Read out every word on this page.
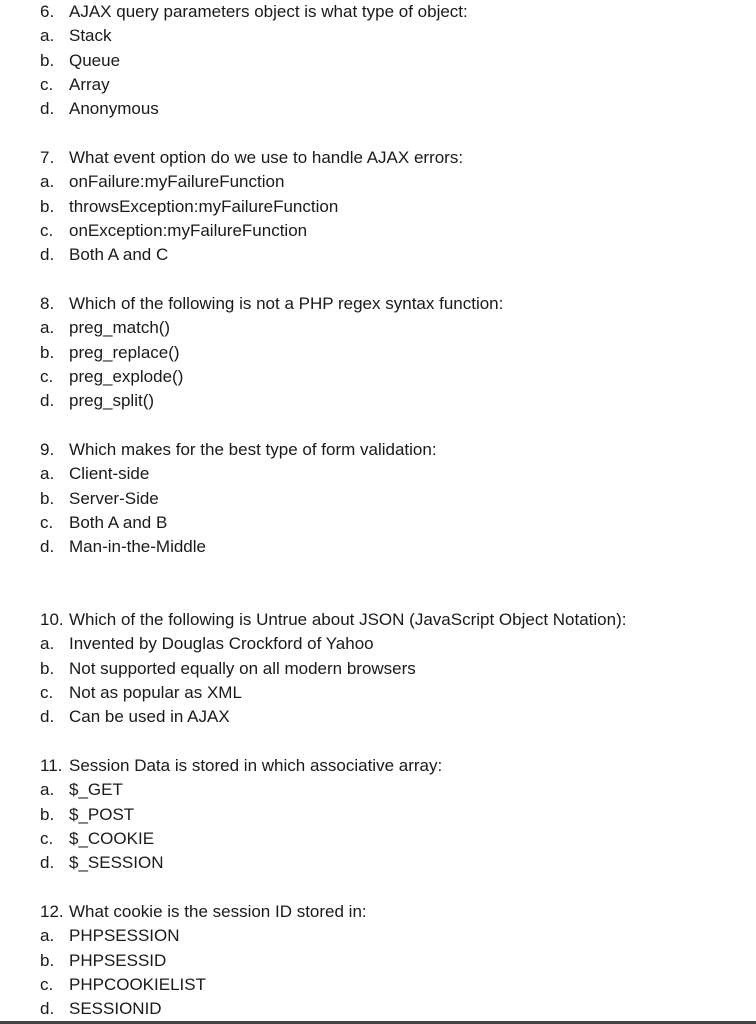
6. AJAX query parameters object is what type of object:
a. Stack
b. Queue
c. Array
d. Anonymous
7. What event option do we use to handle AJAX errors:
a. onFailure:myFailureFunction
b. throwsException:myFailureFunction
c. onException:myFailureFunction
d. Both A and C
8. Which of the following is not a PHP regex syntax function:
a. preg_match()
b. preg_replace()
c. preg_explode()
d. preg_split()
9. Which makes for the best type of form validation:
a. Client-side
b. Server-Side
c. Both A and B
d. Man-in-the-Middle
10. Which of the following is Untrue about JSON (JavaScript Object Notation):
a. Invented by Douglas Crockford of Yahoo
b. Not supported equally on all modern browsers
c. Not as popular as XML
d. Can be used in AJAX
11. Session Data is stored in which associative array:
a. $_GET
b. $_POST
c. $_COOKIE
d. $_SESSION
12. What cookie is the session ID stored in:
a. PHPSESSION
b. PHPSESSID
c. PHPCOOKIELIST
d. SESSIONID
